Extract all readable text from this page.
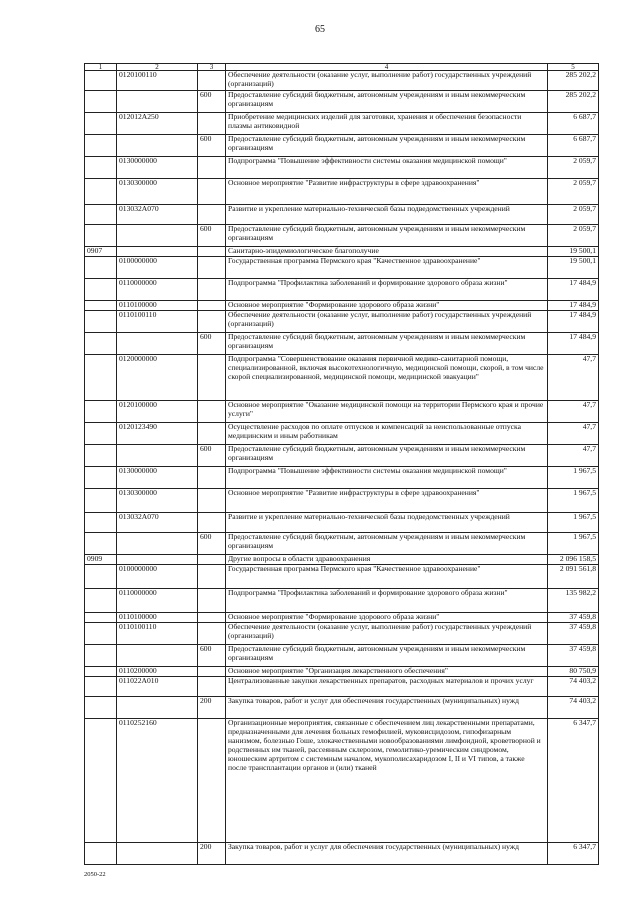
65
1	2	3	4	5
	0120100110		Обеспечение деятельности (оказание услуг, выполнение работ) государственных учреждений (организаций)	285 202,2
		600	Предоставление субсидий бюджетным, автономным учреждениям и иным некоммерческим организациям	285 202,2
	012012А250		Приобретение медицинских изделий для заготовки, хранения и обеспечения безопасности плазмы антиковидной	6 687,7
		600	Предоставление субсидий бюджетным, автономным учреждениям и иным некоммерческим организациям	6 687,7
	0130000000		Подпрограмма "Повышение эффективности системы оказания медицинской помощи"	2 059,7
	0130300000		Основное мероприятие "Развитие инфраструктуры в сфере здравоохранения"	2 059,7
	013032А070		Развитие и укрепление материально-технической базы подведомственных учреждений	2 059,7
		600	Предоставление субсидий бюджетным, автономным учреждениям и иным некоммерческим организациям	2 059,7
0907			Санитарно-эпидемиологическое благополучие	19 500,1
	0100000000		Государственная программа Пермского края "Качественное здравоохранение"	19 500,1
	0110000000		Подпрограмма "Профилактика заболеваний и формирование здорового образа жизни"	17 484,9
	0110100000		Основное мероприятие "Формирование здорового образа жизни"	17 484,9
	0110100110		Обеспечение деятельности (оказание услуг, выполнение работ) государственных учреждений (организаций)	17 484,9
		600	Предоставление субсидий бюджетным, автономным учреждениям и иным некоммерческим организациям	17 484,9
	0120000000		Подпрограмма "Совершенствование оказания первичной медико-санитарной помощи, специализированной, включая высокотехнологичную, медицинской помощи, скорой, в том числе скорой специализированной, медицинской помощи, медицинской эвакуации"	47,7
	0120100000		Основное мероприятие "Оказание медицинской помощи на территории Пермского края и прочие услуги"	47,7
	0120123490		Осуществление расходов по оплате отпусков и компенсаций за неиспользованные отпуска медицинским и иным работникам	47,7
		600	Предоставление субсидий бюджетным, автономным учреждениям и иным некоммерческим организациям	47,7
	0130000000		Подпрограмма "Повышение эффективности системы оказания медицинской помощи"	1 967,5
	0130300000		Основное мероприятие "Развитие инфраструктуры в сфере здравоохранения"	1 967,5
	013032А070		Развитие и укрепление материально-технической базы подведомственных учреждений	1 967,5
		600	Предоставление субсидий бюджетным, автономным учреждениям и иным некоммерческим организациям	1 967,5
0909			Другие вопросы в области здравоохранения	2 096 158,5
	0100000000		Государственная программа Пермского края "Качественное здравоохранение"	2 091 561,8
	0110000000		Подпрограмма "Профилактика заболеваний и формирование здорового образа жизни"	135 982,2
	0110100000		Основное мероприятие "Формирование здорового образа жизни"	37 459,8
	0110100110		Обеспечение деятельности (оказание услуг, выполнение работ) государственных учреждений (организаций)	37 459,8
		600	Предоставление субсидий бюджетным, автономным учреждениям и иным некоммерческим организациям	37 459,8
	0110200000		Основное мероприятие "Организация лекарственного обеспечения"	80 750,9
	011022А010		Централизованные закупки лекарственных препаратов, расходных материалов и прочих услуг	74 403,2
		200	Закупка товаров, работ и услуг для обеспечения государственных (муниципальных) нужд	74 403,2
	0110252160		Организационные мероприятия, связанные с обеспечением лиц лекарственными препаратами, предназначенными для лечения больных гемофилией, муковисцидозом, гипофизарным нанизмом, болезнью Гоше, злокачественными новообразованиями лимфоидной, кроветворной и родственных им тканей, рассеянным склерозом, гемолитико-уремическим синдромом, юношеским артритом с системным началом, мукополисахаридозом I, II и VI типов, а также после трансплантации органов и (или) тканей	6 347,7
		200	Закупка товаров, работ и услуг для обеспечения государственных (муниципальных) нужд	6 347,7
2050-22
